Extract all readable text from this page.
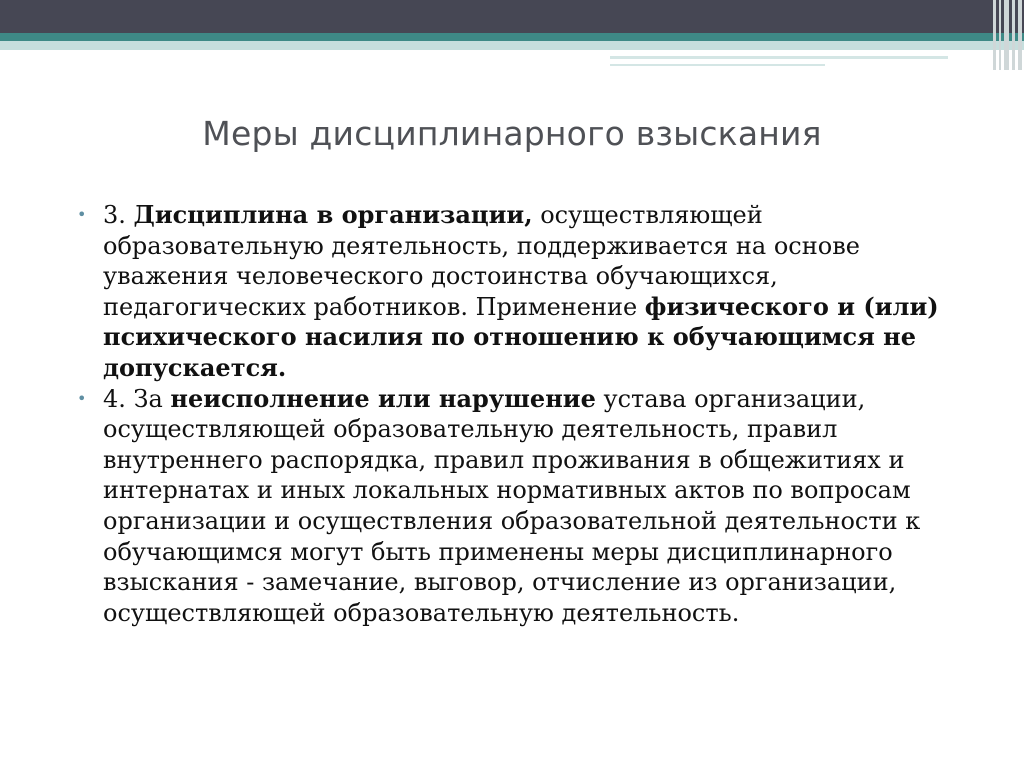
Меры дисциплинарного взыскания

• 3. Дисциплина в организации, осуществляющей образовательную деятельность, поддерживается на основе уважения человеческого достоинства обучающихся, педагогических работников. Применение физического и (или) психического насилия по отношению к обучающимся не допускается.

• 4. За неисполнение или нарушение устава организации, осуществляющей образовательную деятельность, правил внутреннего распорядка, правил проживания в общежитиях и интернатах и иных локальных нормативных актов по вопросам организации и осуществления образовательной деятельности к обучающимся могут быть применены меры дисциплинарного взыскания - замечание, выговор, отчисление из организации, осуществляющей образовательную деятельность.
